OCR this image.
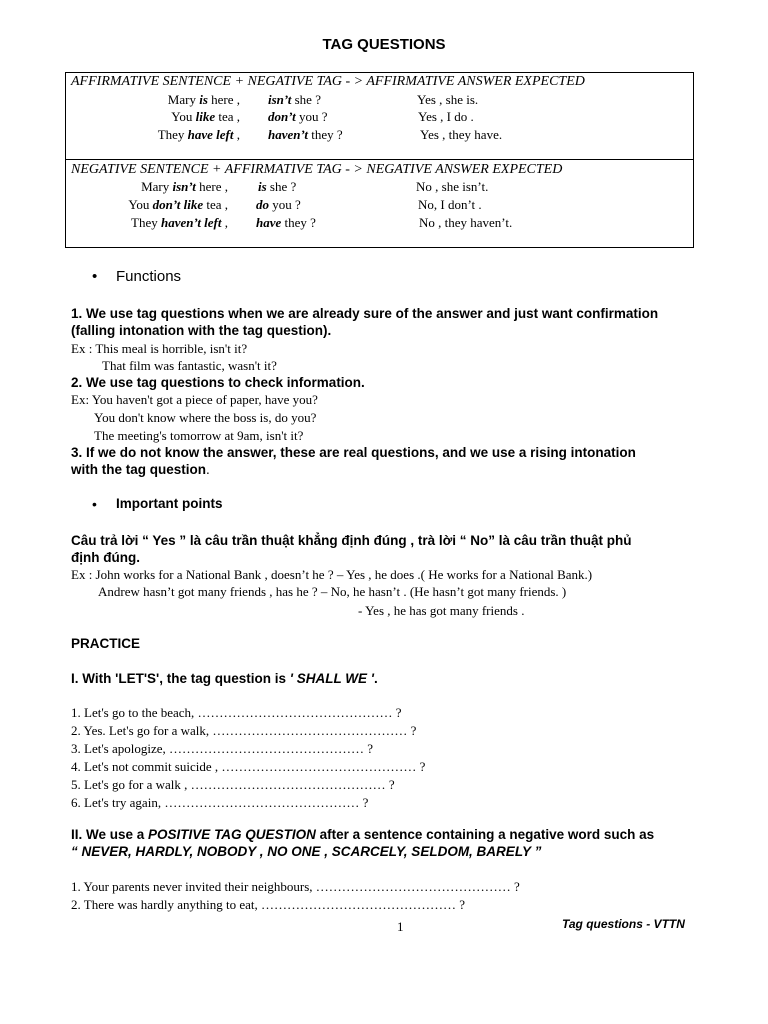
TAG QUESTIONS
AFFIRMATIVE SENTENCE + NEGATIVE TAG - > AFFIRMATIVE ANSWER EXPECTED
Mary is here , isn’t she ?	Yes , she is.
You like tea , don’t you ?	Yes , I do .
They have left , haven’t they ?	Yes , they have.
NEGATIVE SENTENCE + AFFIRMATIVE TAG - > NEGATIVE ANSWER EXPECTED
Mary isn’t here , is she ?	No , she isn’t.
You don’t like tea , do you ?	No, I don’t .
They haven’t left , have they ?	No , they haven’t.
• Functions
1. We use tag questions when we are already sure of the answer and just want confirmation
(falling intonation with the tag question).
Ex : This meal is horrible, isn't it?
That film was fantastic, wasn't it?
2. We use tag questions to check information.
Ex: You haven't got a piece of paper, have you?
You don't know where the boss is, do you?
The meeting's tomorrow at 9am, isn't it?
3. If we do not know the answer, these are real questions, and we use a rising intonation
with the tag question.
• Important points
Câu trả lời “ Yes ” là câu trần thuật khẳng định đúng , trà lời “ No” là câu trần thuật phủ
định đúng.
Ex : John works for a National Bank , doesn’t he ? – Yes , he does .( He works for a National Bank.)
Andrew hasn’t got many friends , has he ? – No, he hasn’t . (He hasn’t got many friends. )
- Yes , he has got many friends .
PRACTICE
I. With 'LET'S', the tag question is ' SHALL WE '.
1. Let's go to the beach, ……………………………………… ?
2. Yes. Let's go for a walk, ……………………………………… ?
3. Let's apologize, ……………………………………… ?
4. Let's not commit suicide , ……………………………………… ?
5. Let's go for a walk , ……………………………………… ?
6. Let's try again, ……………………………………… ?
II. We use a POSITIVE TAG QUESTION after a sentence containing a negative word such as
“ NEVER, HARDLY, NOBODY , NO ONE , SCARCELY, SELDOM, BARELY ”
1. Your parents never invited their neighbours, ……………………………………… ?
2. There was hardly anything to eat, ……………………………………… ?
1	Tag questions - VTTN
